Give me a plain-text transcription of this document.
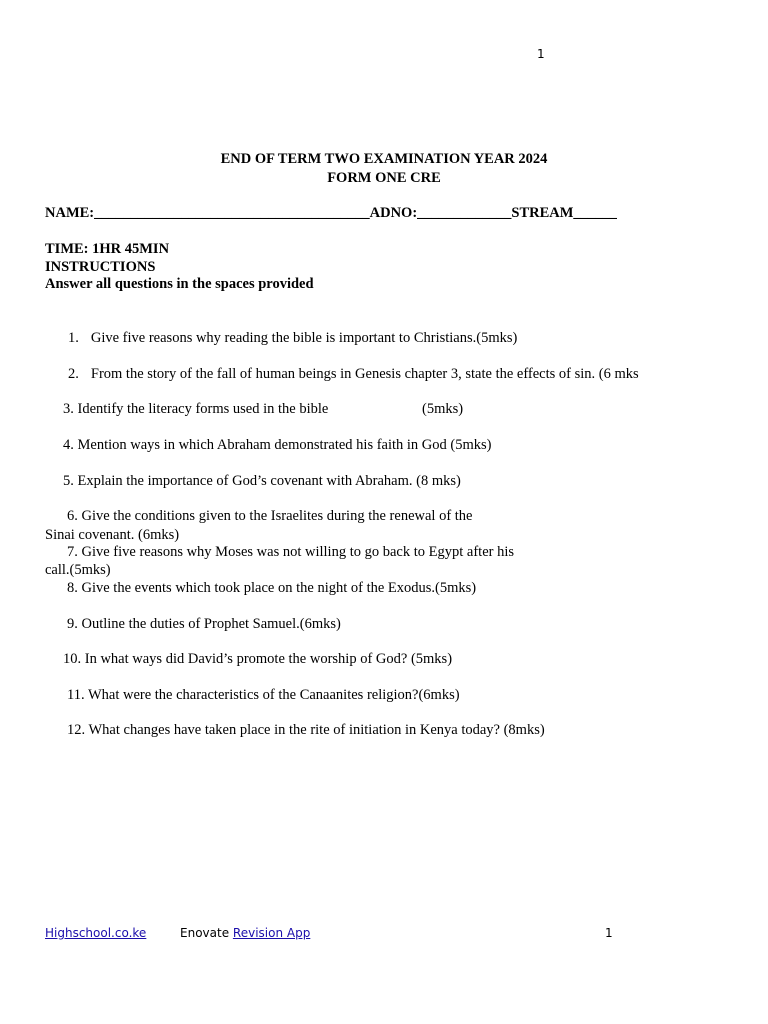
1
END OF TERM TWO EXAMINATION YEAR 2024
FORM ONE CRE
NAME:______________________________________ADNO:_____________STREAM______
TIME: 1HR 45MIN
INSTRUCTIONS
Answer all questions in the spaces provided
1. Give five reasons why reading the bible is important to Christians.(5mks)
2. From the story of the fall of human beings in Genesis chapter 3, state the effects of sin. (6 mks
3. Identify the literacy forms used in the bible	(5mks)
4. Mention ways in which Abraham demonstrated his faith in God (5mks)
5. Explain the importance of God’s covenant with Abraham. (8 mks)
6. Give the conditions given to the Israelites during the renewal of the
Sinai covenant. (6mks)
7. Give five reasons why Moses was not willing to go back to Egypt after his
call.(5mks)
8. Give the events which took place on the night of the Exodus.(5mks)
9. Outline the duties of Prophet Samuel.(6mks)
10. In what ways did David’s promote the worship of God? (5mks)
11. What were the characteristics of the Canaanites religion?(6mks)
12. What changes have taken place in the rite of initiation in Kenya today? (8mks)
Highschool.co.ke	Enovate Revision App	1
